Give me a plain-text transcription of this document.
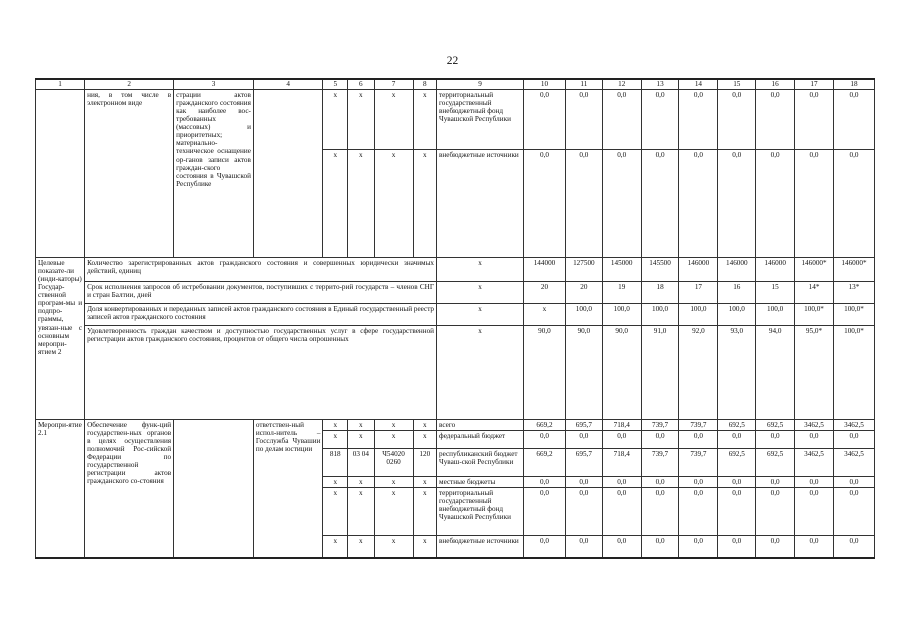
22
1	2	3	4	5	6	7	8	9	10	11	12	13	14	15	16	17	18
	ния, в том числе в электронном виде	страции актов гражданского состояния как наиболее вос-требованных (массовых) и приоритетных; материально-техническое оснащение ор-ганов записи актов граждан-ского состояния в Чувашской Республике		x	x	x	x	территориальный государственный внебюджетный фонд Чувашской Республики	0,0	0,0	0,0	0,0	0,0	0,0	0,0	0,0	0,0
				x	x	x	x	внебюджетные источники	0,0	0,0	0,0	0,0	0,0	0,0	0,0	0,0	0,0
Целевые показате-ли (инди-каторы) Государ-ственной програм-мы и подпро-граммы, увязан-ные с основным меропри-ятием 2	Количество зарегистрированных актов гражданского состояния и совершенных юридически значимых действий, единиц							x	144000	127500	145000	145500	146000	146000	146000	146000*	146000*
	Срок исполнения запросов об истребовании документов, поступивших с террито-рий государств – членов СНГ и стран Балтии, дней							x	20	20	19	18	17	16	15	14*	13*
	Доля конвертированных и переданных записей актов гражданского состояния в Единый государственный реестр записей актов гражданского состояния							x	x	100,0	100,0	100,0	100,0	100,0	100,0	100,0*	100,0*
	Удовлетворенность граждан качеством и доступностью государственных услуг в сфере государственной регистрации актов гражданского состояния, процентов от общего числа опрошенных							x	90,0	90,0	90,0	91,0	92,0	93,0	94,0	95,0*	100,0*
Меропри-ятие 2.1	Обеспечение функ-ций государствен-ных органов в целях осуществления полномочий Рос-сийской Федерации по государственной регистрации актов гражданского со-стояния		ответствен-ный испол-нитель – Госслужба Чувашии по делам юстиции	x	x	x	x	всего	669,2	695,7	718,4	739,7	739,7	692,5	692,5	3462,5	3462,5
				x	x	x	x	федеральный бюджет	0,0	0,0	0,0	0,0	0,0	0,0	0,0	0,0	0,0
				818	03 04	Ч54020 0260	120	республиканский бюджет Чуваш-ской Республики	669,2	695,7	718,4	739,7	739,7	692,5	692,5	3462,5	3462,5
				x	x	x	x	местные бюджеты	0,0	0,0	0,0	0,0	0,0	0,0	0,0	0,0	0,0
				x	x	x	x	территориальный государственный внебюджетный фонд Чувашской Республики	0,0	0,0	0,0	0,0	0,0	0,0	0,0	0,0	0,0
				x	x	x	x	внебюджетные источники	0,0	0,0	0,0	0,0	0,0	0,0	0,0	0,0	0,0
